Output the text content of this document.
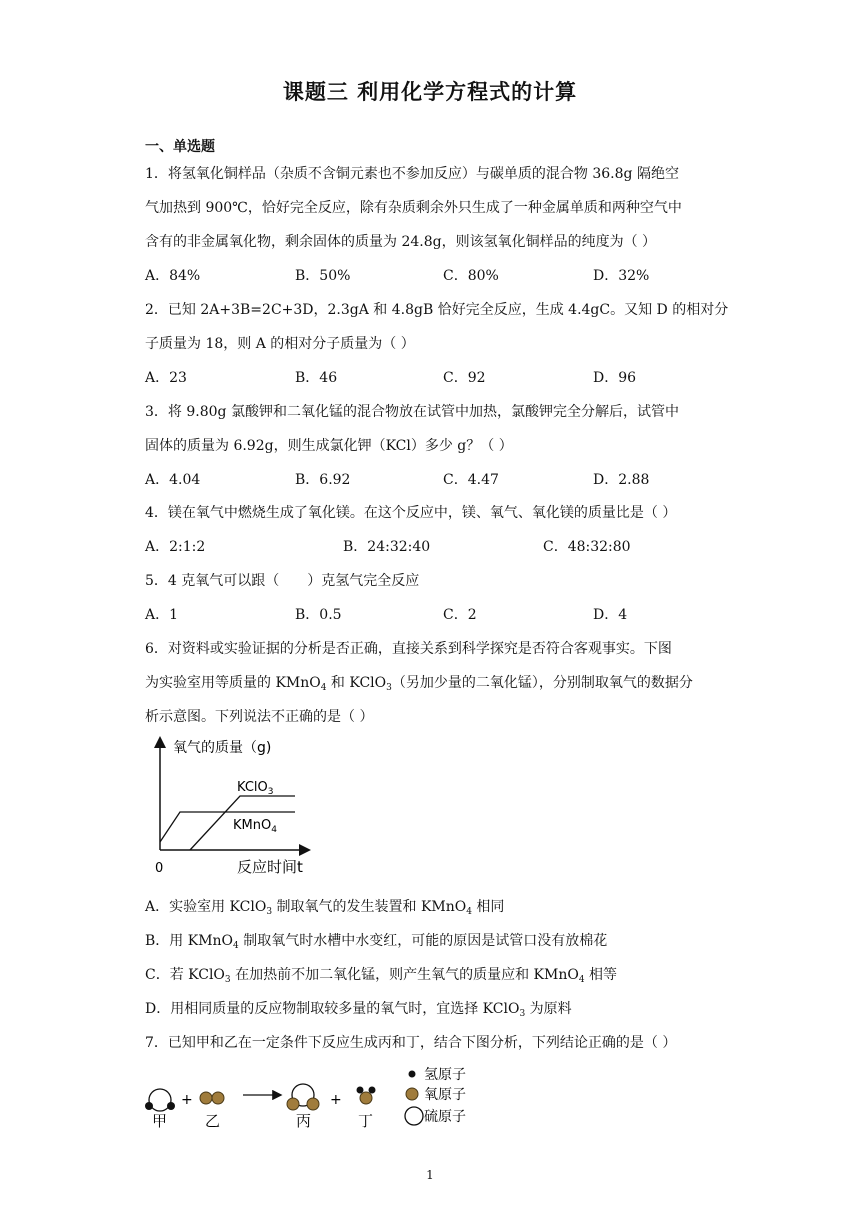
课题三 利用化学方程式的计算
一、单选题
1．将氢氧化铜样品（杂质不含铜元素也不参加反应）与碳单质的混合物 36.8g 隔绝空
气加热到 900℃，恰好完全反应，除有杂质剩余外只生成了一种金属单质和两种空气中
含有的非金属氧化物，剩余固体的质量为 24.8g，则该氢氧化铜样品的纯度为（ ）
A．84%	B．50%	C．80%	D．32%
2．已知 2A+3B=2C+3D，2.3gA 和 4.8gB 恰好完全反应，生成 4.4gC。又知 D 的相对分
子质量为 18，则 A 的相对分子质量为（ ）
A．23	B．46	C．92	D．96
3．将 9.80g 氯酸钾和二氧化锰的混合物放在试管中加热，氯酸钾完全分解后，试管中
固体的质量为 6.92g，则生成氯化钾（KCl）多少 g？（ ）
A．4.04	B．6.92	C．4.47	D．2.88
4．镁在氧气中燃烧生成了氧化镁。在这个反应中，镁、氧气、氧化镁的质量比是（ ）
A．2:1:2	B．24:32:40	C．48:32:80
5．4 克氧气可以跟（　　）克氢气完全反应
A．1	B．0.5	C．2	D．4
6．对资料或实验证据的分析是否正确，直接关系到科学探究是否符合客观事实。下图
为实验室用等质量的 KMnO$_4$ 和 KClO$_3$（另加少量的二氧化锰），分别制取氧气的数据分
析示意图。下列说法不正确的是（ ）
氧气的质量（g)
0	反应时间t
KClO$_3$
KMnO$_4$
A．实验室用 KClO$_3$ 制取氧气的发生装置和 KMnO$_4$ 相同
B．用 KMnO$_4$ 制取氧气时水槽中水变红，可能的原因是试管口没有放棉花
C．若 KClO$_3$ 在加热前不加二氧化锰，则产生氧气的质量应和 KMnO$_4$ 相等
D．用相同质量的反应物制取较多量的氧气时，宜选择 KClO$_3$ 为原料
7．已知甲和乙在一定条件下反应生成丙和丁，结合下图分析，下列结论正确的是（ ）
+	+
甲	乙	丙	丁
氢原子
氧原子
硫原子
1
